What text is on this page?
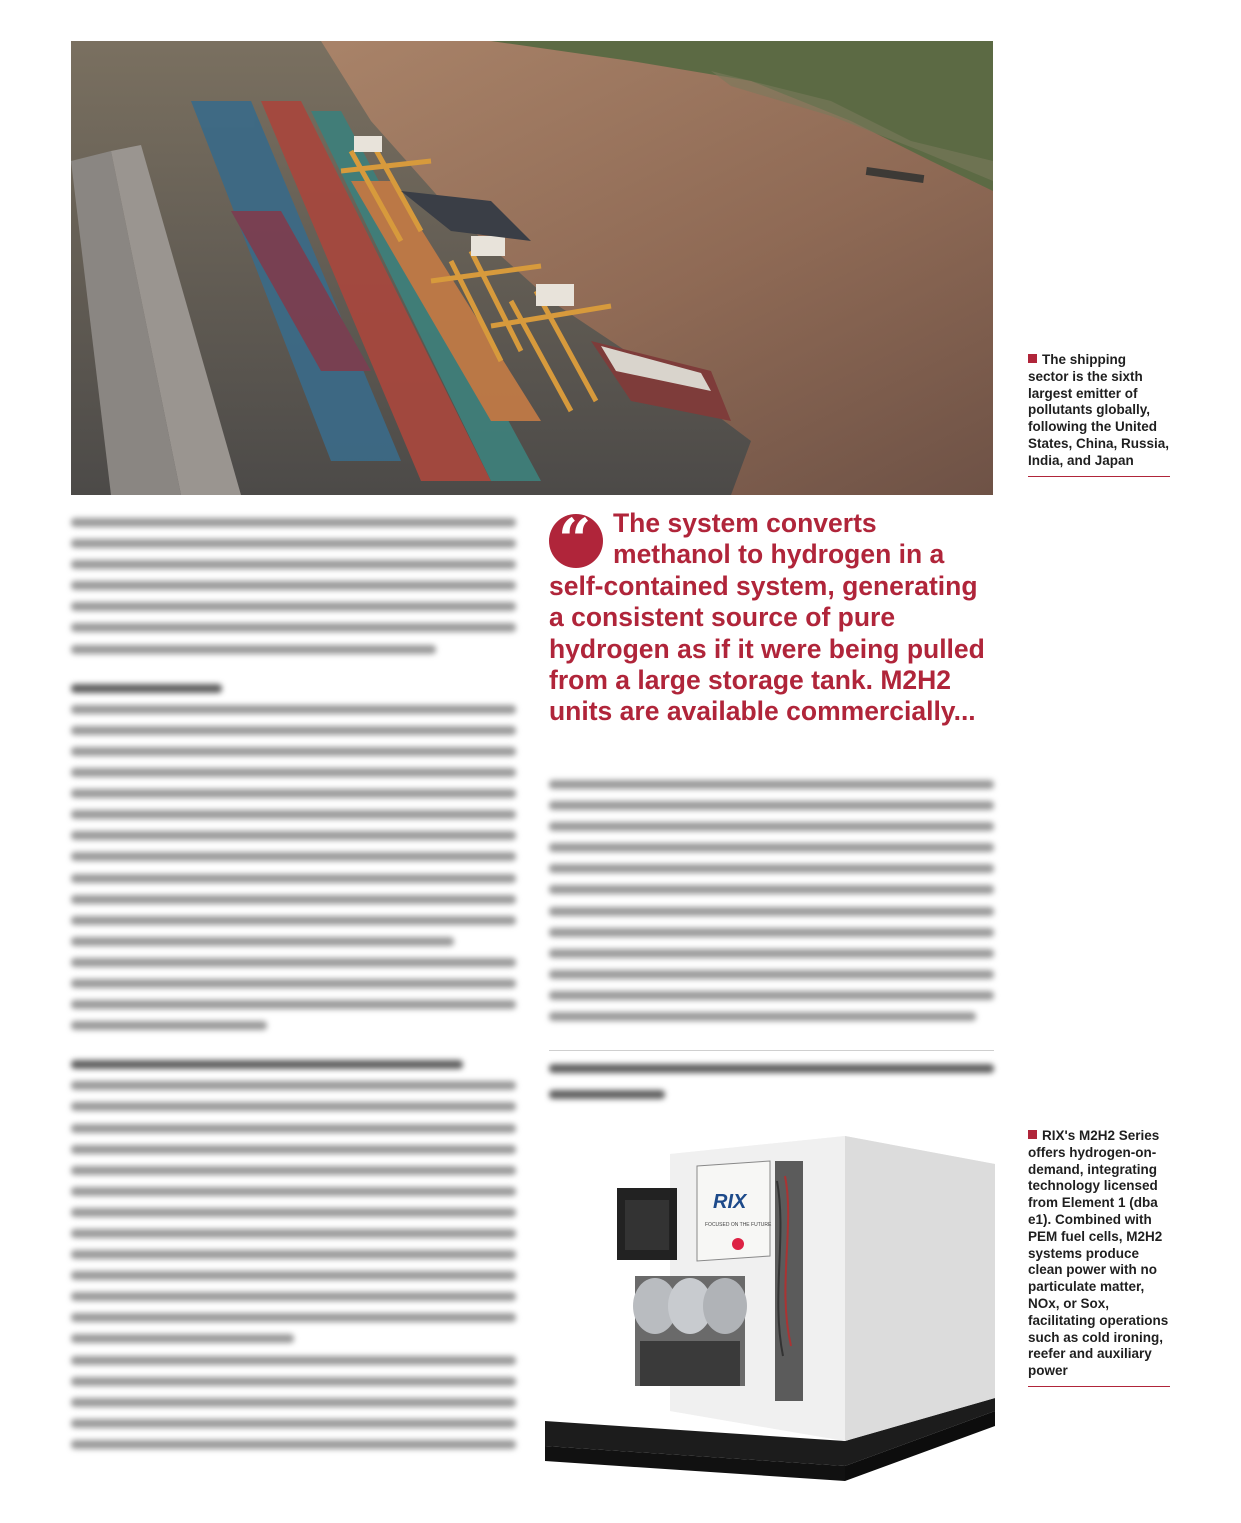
The shipping sector is the sixth largest emitter of pollutants globally, following the United States, China, Russia, India, and Japan
“ The system converts methanol to hydrogen in a self-contained system, generating a consistent source of pure hydrogen as if it were being pulled from a large storage tank. M2H2 units are available commercially...
RIX
FOCUSED ON THE FUTURE
RIX's M2H2 Series offers hydrogen-on-demand, integrating technology licensed from Element 1 (dba e1). Combined with PEM fuel cells, M2H2 systems produce clean power with no particulate matter, NOx, or Sox, facilitating operations such as cold ironing, reefer and auxiliary power
